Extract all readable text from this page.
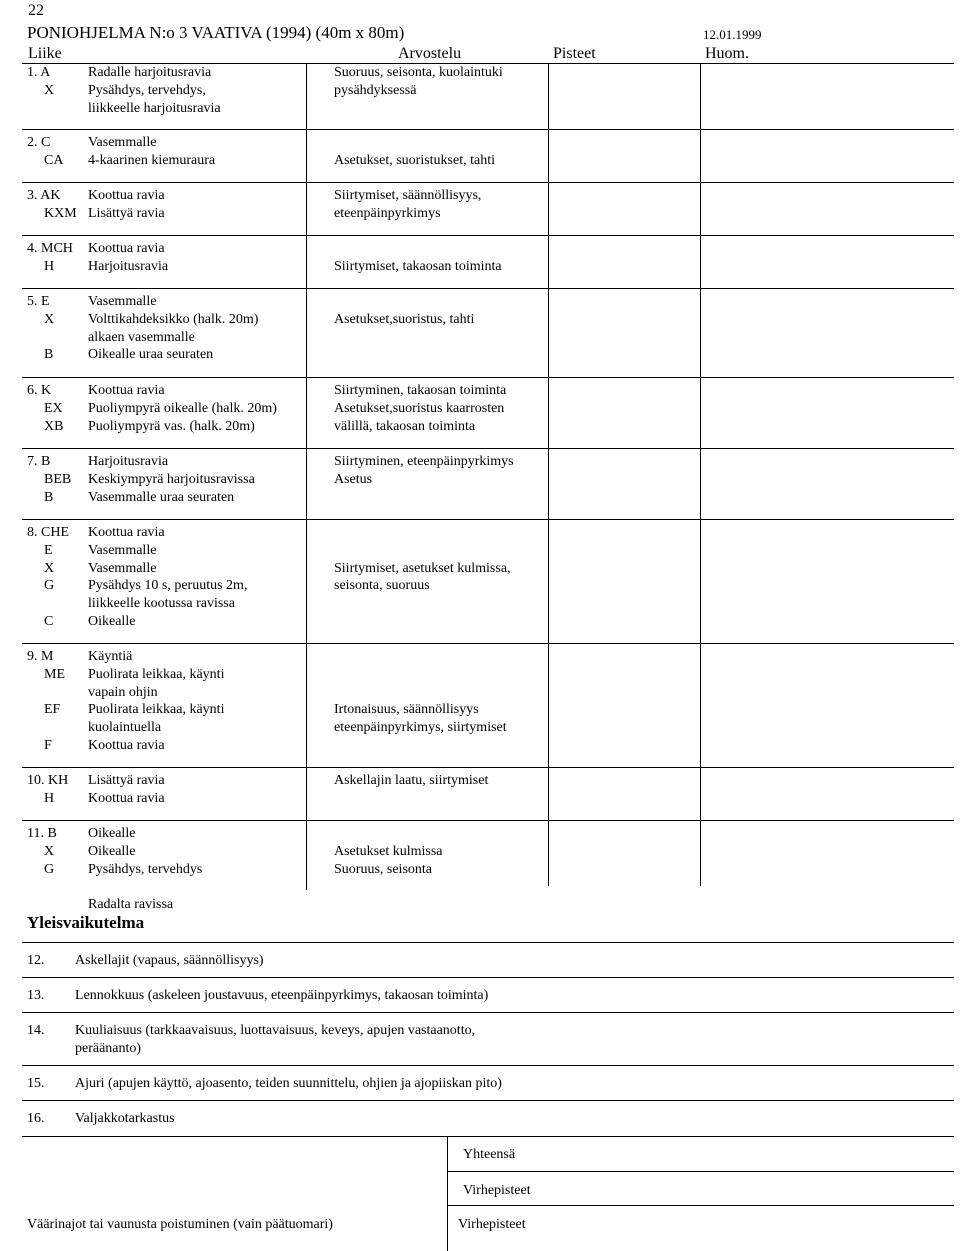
22
PONIOHJELMA N:o 3 VAATIVA (1994) (40m x 80m)	12.01.1999
Liike	Arvostelu	Pisteet	Huom.
1. A	Radalle harjoitusravia	Suoruus, seisonta, kuolaintuki
X Pysähdys, tervehdys,	pysähdyksessä
liikkeelle harjoitusravia
2. C	Vasemmalle
CA 4-kaarinen kiemuraura	Asetukset, suoristukset, tahti
3. AK Koottua ravia	Siirtymiset, säännöllisyys,
KXM Lisättyä ravia	eteenpäinpyrkimys
4. MCH Koottua ravia
H Harjoitusravia	Siirtymiset, takaosan toiminta
5. E	Vasemmalle
X Volttikahdeksikko (halk. 20m)	Asetukset,suoristus, tahti
alkaen vasemmalle
B Oikealle uraa seuraten
6. K	Koottua ravia	Siirtyminen, takaosan toiminta
EX Puoliympyrä oikealle (halk. 20m)	Asetukset,suoristus kaarrosten
XB Puoliympyrä vas. (halk. 20m)	välillä, takaosan toiminta
7. B	Harjoitusravia	Siirtyminen, eteenpäinpyrkimys
BEB Keskiympyrä harjoitusravissa	Asetus
B Vasemmalle uraa seuraten
8. CHE Koottua ravia
E	Vasemmalle
X Vasemmalle	Siirtymiset, asetukset kulmissa,
G Pysähdys 10 s, peruutus 2m,	seisonta, suoruus
liikkeelle kootussa ravissa
C Oikealle
9. M Käyntiä
ME Puolirata leikkaa, käynti
vapain ohjin
EF Puolirata leikkaa, käynti	Irtonaisuus, säännöllisyys
kuolaintuella	eteenpäinpyrkimys, siirtymiset
F	Koottua ravia
10. KH Lisättyä ravia	Askellajin laatu, siirtymiset
H Koottua ravia
11. B Oikealle
X Oikealle	Asetukset kulmissa
G Pysähdys, tervehdys	Suoruus, seisonta
Radalta ravissa
Yleisvaikutelma
12. Askellajit (vapaus, säännöllisyys)
13. Lennokkuus (askeleen joustavuus, eteenpäinpyrkimys, takaosan toiminta)
14. Kuuliaisuus (tarkkaavaisuus, luottavaisuus, keveys, apujen vastaanotto,
peräänanto)
15. Ajuri (apujen käyttö, ajoasento, teiden suunnittelu, ohjien ja ajopiiskan pito)
16. Valjakkotarkastus
Yhteensä
Virhepisteet
Väärinajot tai vaunusta poistuminen (vain päätuomari)	Virhepisteet
